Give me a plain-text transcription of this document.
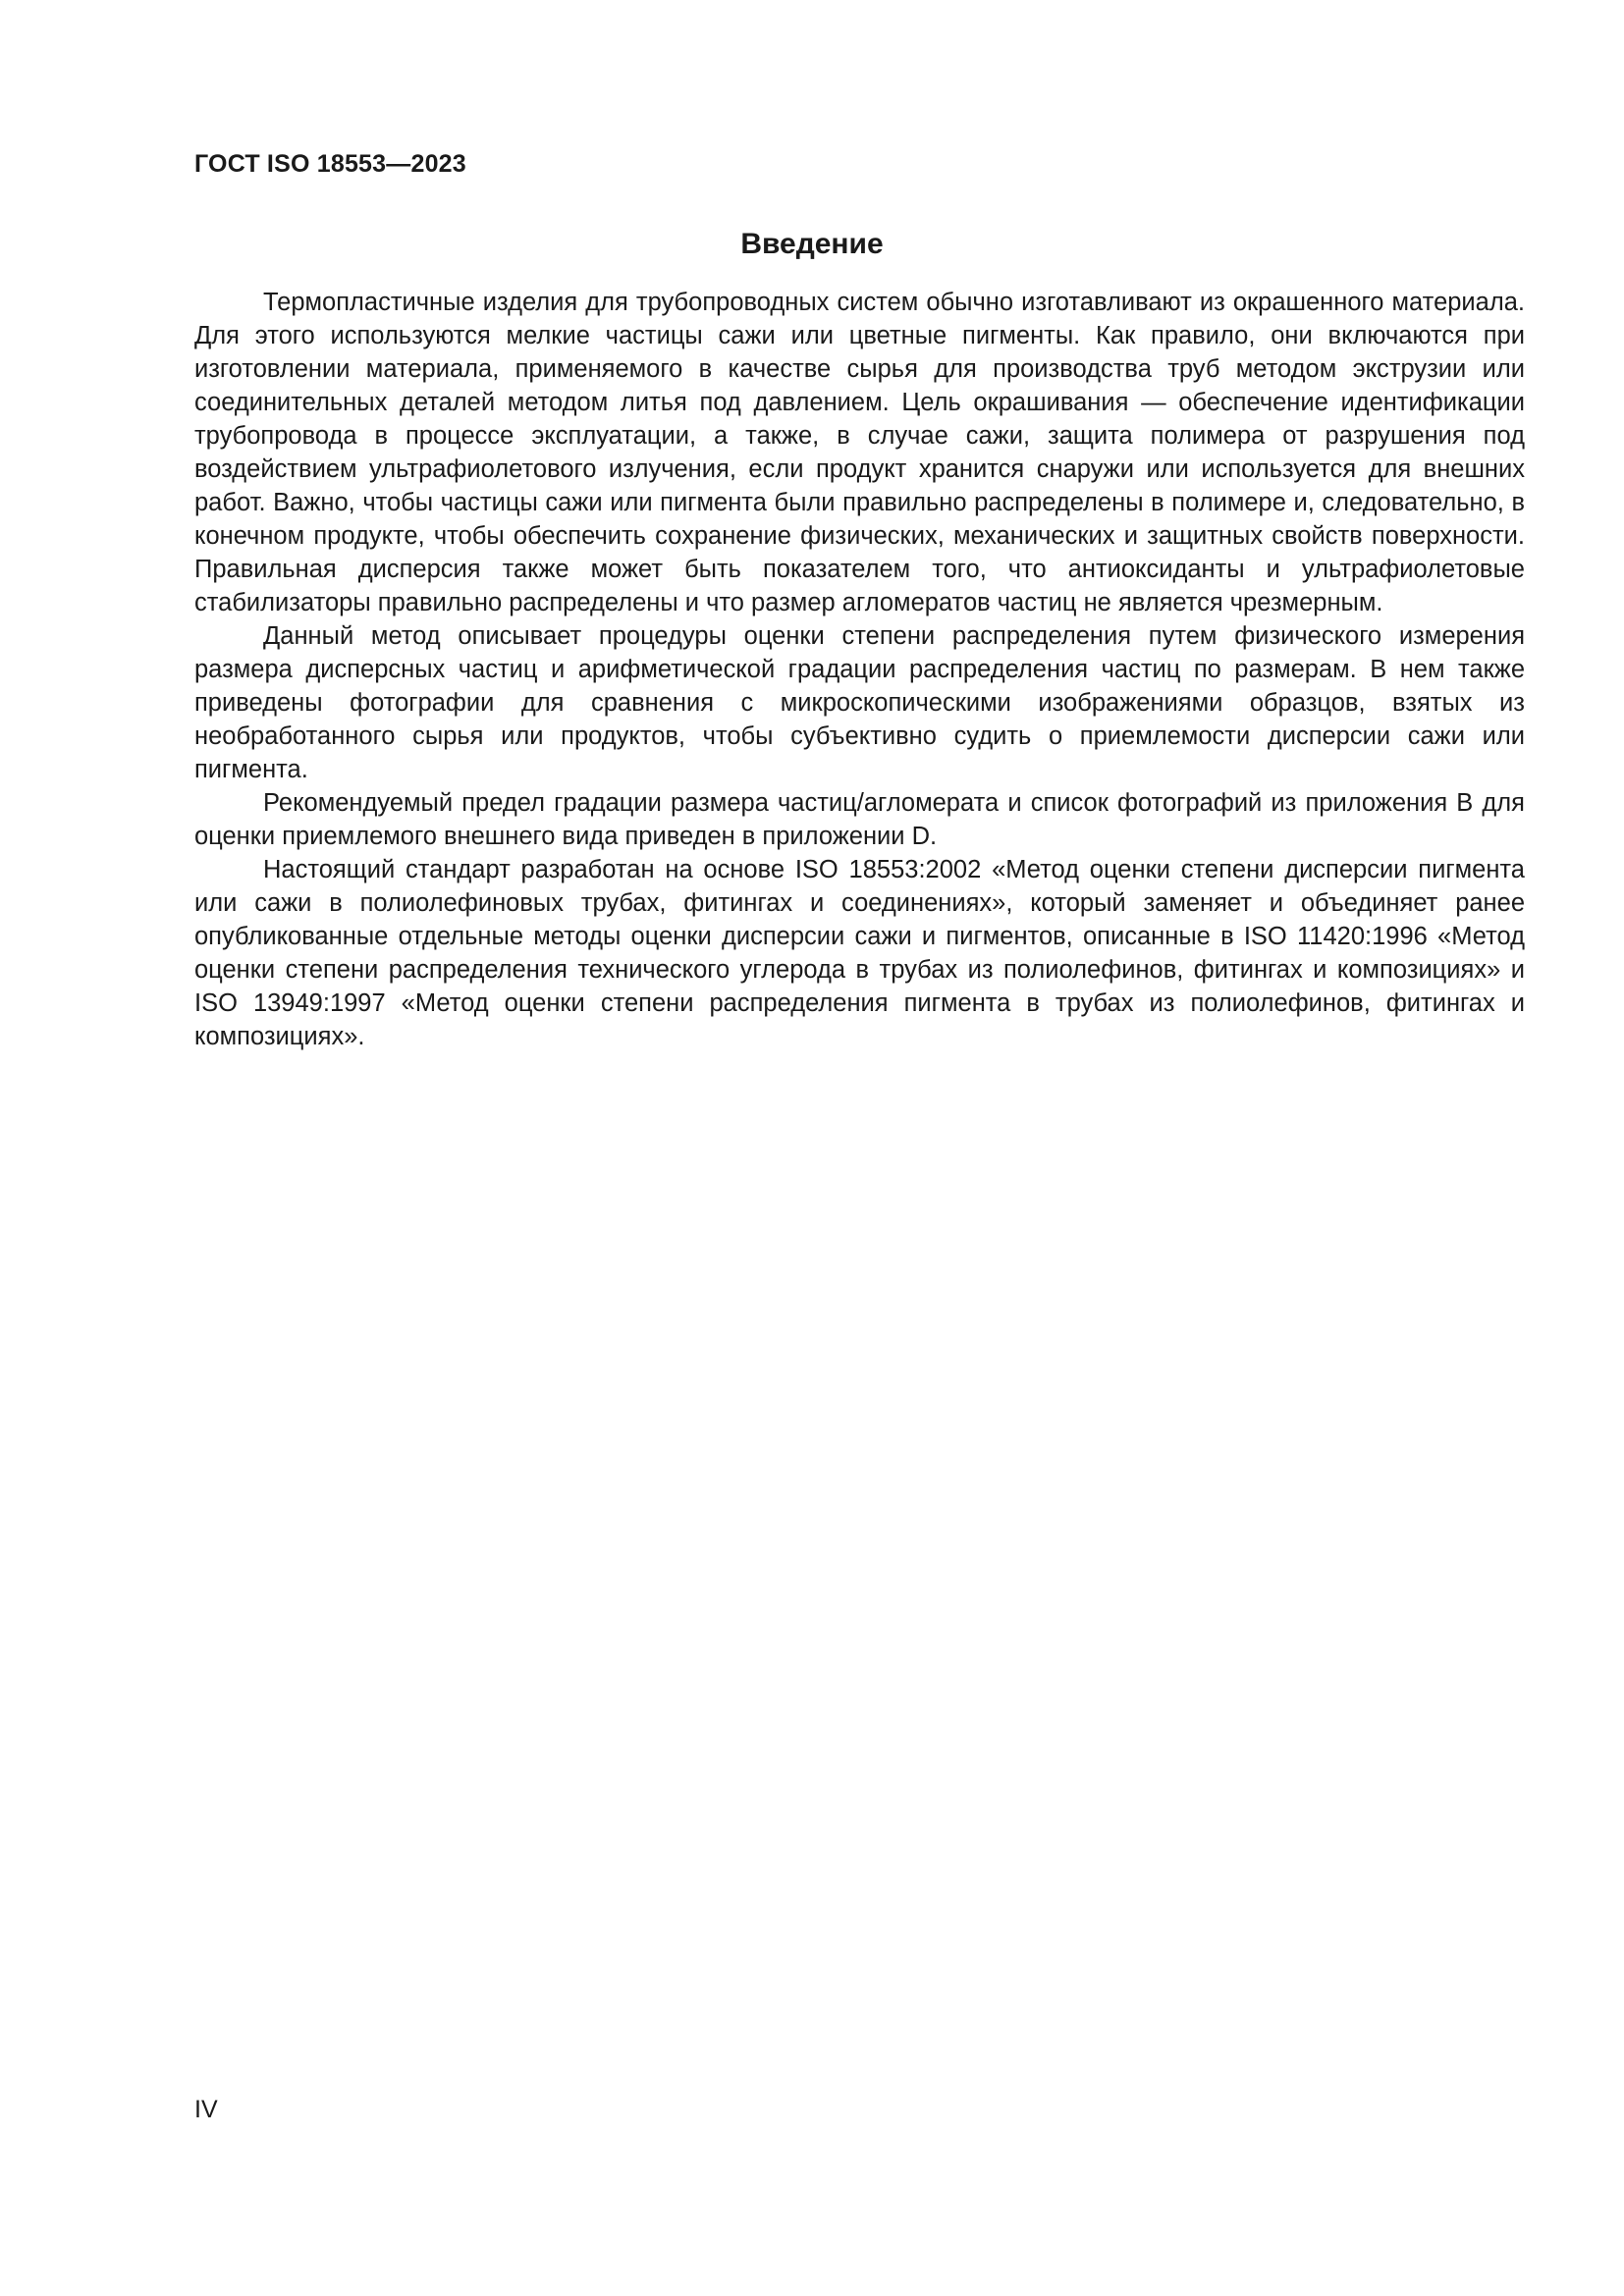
ГОСТ ISO 18553—2023
Введение

Термопластичные изделия для трубопроводных систем обычно изготавливают из окрашенного материала. Для этого используются мелкие частицы сажи или цветные пигменты. Как правило, они включаются при изготовлении материала, применяемого в качестве сырья для производства труб методом экструзии или соединительных деталей методом литья под давлением. Цель окрашивания — обеспечение идентификации трубопровода в процессе эксплуатации, а также, в случае сажи, защита полимера от разрушения под воздействием ультрафиолетового излучения, если продукт хранится снаружи или используется для внешних работ. Важно, чтобы частицы сажи или пигмента были правильно распределены в полимере и, следовательно, в конечном продукте, чтобы обеспечить сохранение физических, механических и защитных свойств поверхности. Правильная дисперсия также может быть показателем того, что антиоксиданты и ультрафиолетовые стабилизаторы правильно распределены и что размер агломератов частиц не является чрезмерным.

Данный метод описывает процедуры оценки степени распределения путем физического измерения размера дисперсных частиц и арифметической градации распределения частиц по размерам. В нем также приведены фотографии для сравнения с микроскопическими изображениями образцов, взятых из необработанного сырья или продуктов, чтобы субъективно судить о приемлемости дисперсии сажи или пигмента.

Рекомендуемый предел градации размера частиц/агломерата и список фотографий из приложения В для оценки приемлемого внешнего вида приведен в приложении D.

Настоящий стандарт разработан на основе ISO 18553:2002 «Метод оценки степени дисперсии пигмента или сажи в полиолефиновых трубах, фитингах и соединениях», который заменяет и объединяет ранее опубликованные отдельные методы оценки дисперсии сажи и пигментов, описанные в ISO 11420:1996 «Метод оценки степени распределения технического углерода в трубах из полиолефинов, фитингах и композициях» и ISO 13949:1997 «Метод оценки степени распределения пигмента в трубах из полиолефинов, фитингах и композициях».

IV
